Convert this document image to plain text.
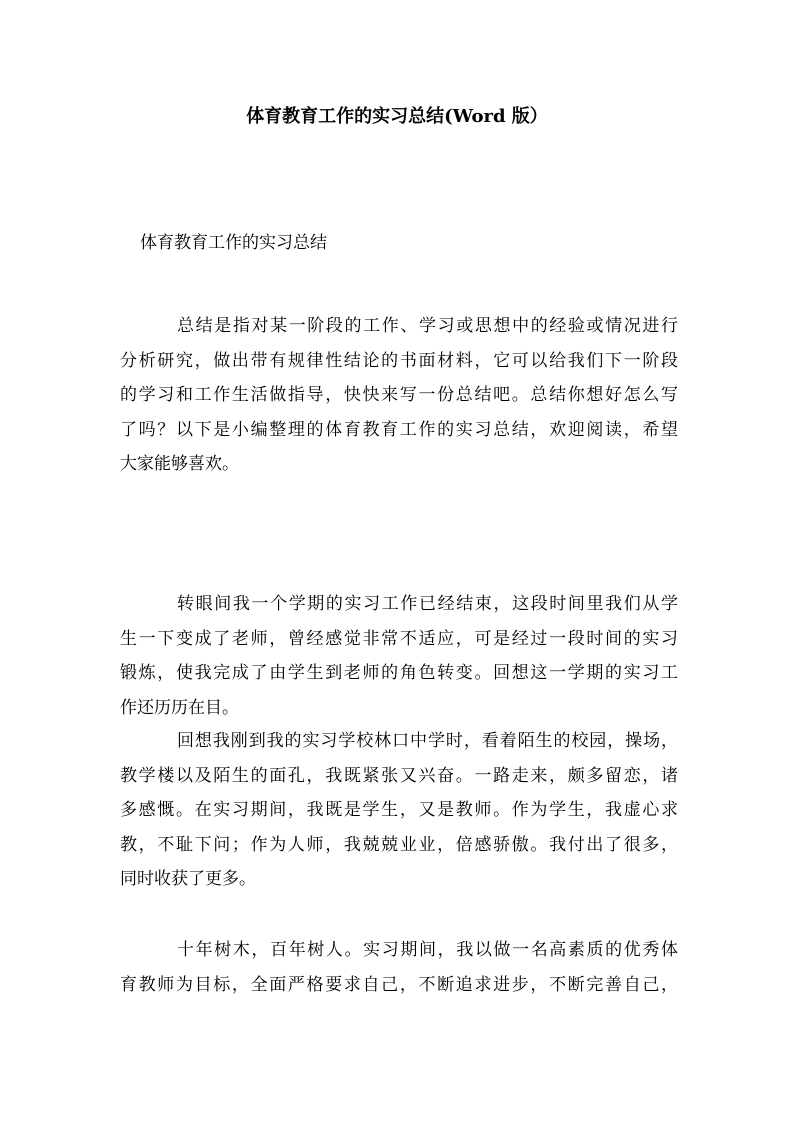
体育教育工作的实习总结(Word 版）

体育教育工作的实习总结

总结是指对某一阶段的工作、学习或思想中的经验或情况进行
分析研究，做出带有规律性结论的书面材料，它可以给我们下一阶段
的学习和工作生活做指导，快快来写一份总结吧。总结你想好怎么写
了吗？以下是小编整理的体育教育工作的实习总结，欢迎阅读，希望
大家能够喜欢。
转眼间我一个学期的实习工作已经结束，这段时间里我们从学
生一下变成了老师，曾经感觉非常不适应，可是经过一段时间的实习
锻炼，使我完成了由学生到老师的角色转变。回想这一学期的实习工
作还历历在目。
回想我刚到我的实习学校林口中学时，看着陌生的校园，操场，
教学楼以及陌生的面孔，我既紧张又兴奋。一路走来，颇多留恋，诸
多感慨。在实习期间，我既是学生，又是教师。作为学生，我虚心求
教，不耻下问；作为人师，我兢兢业业，倍感骄傲。我付出了很多，
同时收获了更多。
十年树木，百年树人。实习期间，我以做一名高素质的优秀体
育教师为目标，全面严格要求自己，不断追求进步，不断完善自己，
